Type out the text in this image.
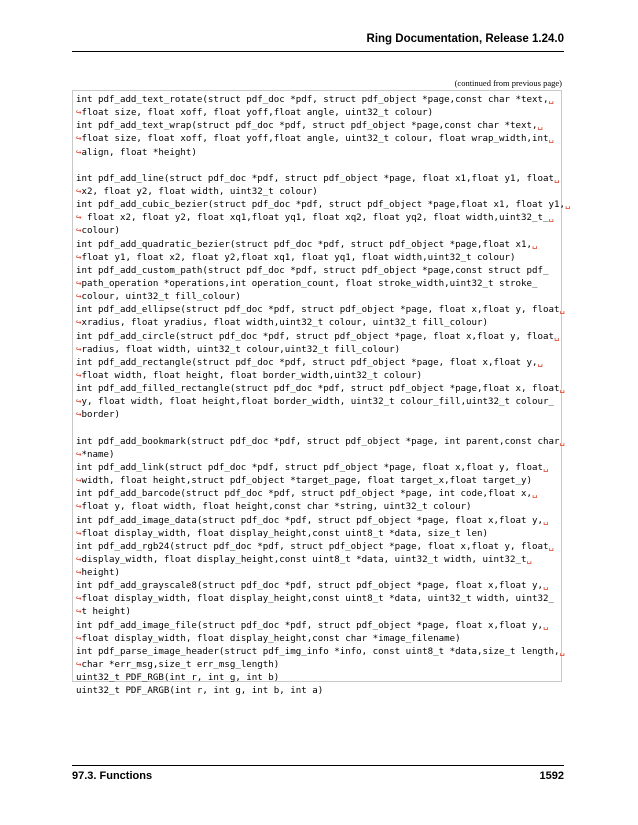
Ring Documentation, Release 1.24.0
(continued from previous page)
int pdf_add_text_rotate(struct pdf_doc *pdf, struct pdf_object *page,const char *text,␣
↪float size, float xoff, float yoff,float angle, uint32_t colour)
int pdf_add_text_wrap(struct pdf_doc *pdf, struct pdf_object *page,const char *text,␣
↪float size, float xoff, float yoff,float angle, uint32_t colour, float wrap_width,int␣
↪align, float *height)
int pdf_add_line(struct pdf_doc *pdf, struct pdf_object *page, float x1,float y1, float␣
↪x2, float y2, float width, uint32_t colour)
int pdf_add_cubic_bezier(struct pdf_doc *pdf, struct pdf_object *page,float x1, float y1,␣
↪ float x2, float y2, float xq1,float yq1, float xq2, float yq2, float width,uint32_t_␣
↪colour)
int pdf_add_quadratic_bezier(struct pdf_doc *pdf, struct pdf_object *page,float x1,␣
↪float y1, float x2, float y2,float xq1, float yq1, float width,uint32_t colour)
int pdf_add_custom_path(struct pdf_doc *pdf, struct pdf_object *page,const struct pdf_
↪path_operation *operations,int operation_count, float stroke_width,uint32_t stroke_
↪colour, uint32_t fill_colour)
int pdf_add_ellipse(struct pdf_doc *pdf, struct pdf_object *page, float x,float y, float␣
↪xradius, float yradius, float width,uint32_t colour, uint32_t fill_colour)
int pdf_add_circle(struct pdf_doc *pdf, struct pdf_object *page, float x,float y, float␣
↪radius, float width, uint32_t colour,uint32_t fill_colour)
int pdf_add_rectangle(struct pdf_doc *pdf, struct pdf_object *page, float x,float y,␣
↪float width, float height, float border_width,uint32_t colour)
int pdf_add_filled_rectangle(struct pdf_doc *pdf, struct pdf_object *page,float x, float␣
↪y, float width, float height,float border_width, uint32_t colour_fill,uint32_t colour_
↪border)
int pdf_add_bookmark(struct pdf_doc *pdf, struct pdf_object *page, int parent,const char␣
↪*name)
int pdf_add_link(struct pdf_doc *pdf, struct pdf_object *page, float x,float y, float␣
↪width, float height,struct pdf_object *target_page, float target_x,float target_y)
int pdf_add_barcode(struct pdf_doc *pdf, struct pdf_object *page, int code,float x,␣
↪float y, float width, float height,const char *string, uint32_t colour)
int pdf_add_image_data(struct pdf_doc *pdf, struct pdf_object *page, float x,float y,␣
↪float display_width, float display_height,const uint8_t *data, size_t len)
int pdf_add_rgb24(struct pdf_doc *pdf, struct pdf_object *page, float x,float y, float␣
↪display_width, float display_height,const uint8_t *data, uint32_t width, uint32_t␣
↪height)
int pdf_add_grayscale8(struct pdf_doc *pdf, struct pdf_object *page, float x,float y,␣
↪float display_width, float display_height,const uint8_t *data, uint32_t width, uint32_
↪t height)
int pdf_add_image_file(struct pdf_doc *pdf, struct pdf_object *page, float x,float y,␣
↪float display_width, float display_height,const char *image_filename)
int pdf_parse_image_header(struct pdf_img_info *info, const uint8_t *data,size_t length,␣
↪char *err_msg,size_t err_msg_length)
uint32_t PDF_RGB(int r, int g, int b)
uint32_t PDF_ARGB(int r, int g, int b, int a)
97.3. Functions	1592
